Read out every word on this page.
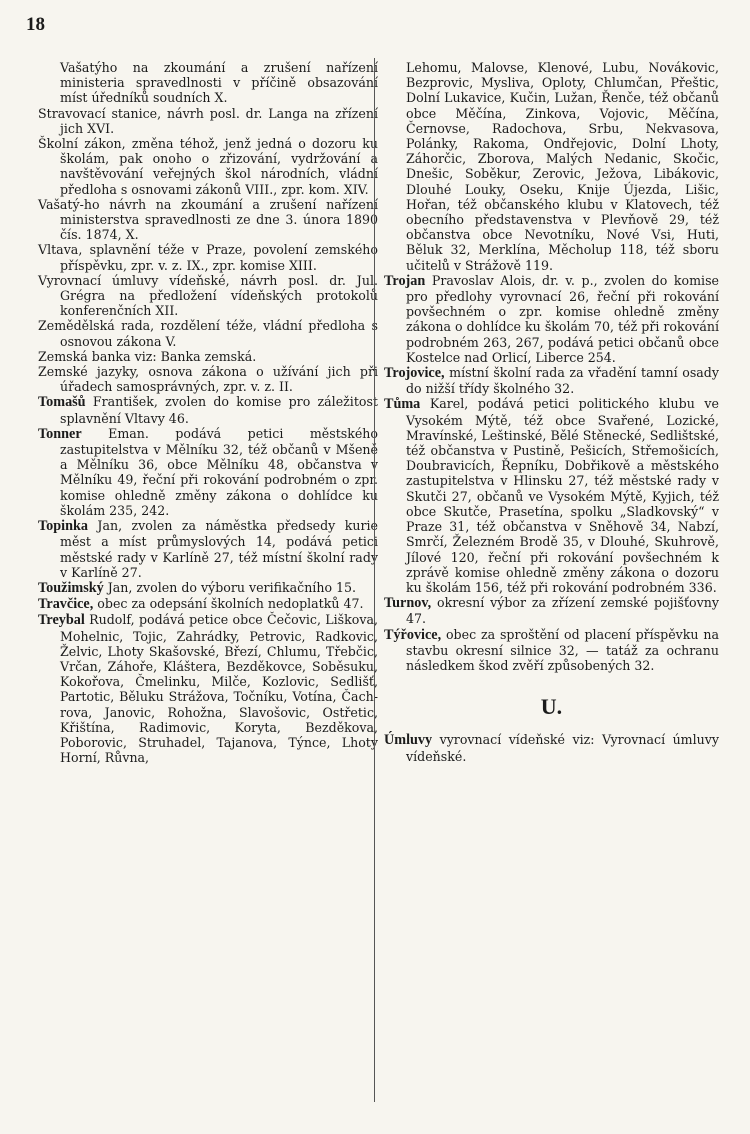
18

Vašatýho na zkoumání a zrušení nařízení ministeria spravedlnosti v příčině obsazování míst úředníků soudních X.

Stravovací stanice, návrh posl. dr. Langa na zřízení jich XVI.

Školní zákon, změna téhož, jenž jedná o dozoru ku školám, pak onoho o zřizování, vydržování a navštěvování veřejných škol národních, vládní předloha s osnovami zákonů VIII., zpr. kom. XIV.

Vašatý-ho návrh na zkoumání a zrušení nařízení ministerstva spravedlnosti ze dne 3. února 1890 čís. 1874, X.

Vltava, splavnění téže v Praze, povolení zemského příspěvku, zpr. v. z. IX., zpr. komise XIII.

Vyrovnací úmluvy vídeňské, návrh posl. dr. Jul. Grégra na předložení vídeňských protokolů konferenčních XII.

Zemědělská rada, rozdělení téže, vládní předloha s osnovou zákona V.

Zemská banka viz: Banka zemská.

Zemské jazyky, osnova zákona o užívání jich při úřadech samosprávných, zpr. v. z. II.

Tomašů František, zvolen do komise pro záležitost splavnění Vltavy 46.

Tonner Eman. podává petici městského zastupitelstva v Mělníku 32, též občanů v Mšeně a Mělníku 36, obce Mělníku 48, občanstva v Mělníku 49, řeční při rokování podrobném o zpr. komise ohledně změny zákona o dohlídce ku školám 235, 242.

Topinka Jan, zvolen za náměstka předsedy kurie měst a míst průmyslových 14, podává petici městské rady v Karlíně 27, též místní školní rady v Karlíně 27.

Toužimský Jan, zvolen do výboru verifikačního 15.

Travčice, obec za odepsání školních nedoplatků 47.

Treybal Rudolf, podává petice obce Čečovic, Liškova, Mohelnic, Tojic, Zahrádky, Petrovic, Radkovic, Želvic, Lhoty Skašovské, Březí, Chlumu, Třebčic, Vrčan, Záhoře, Kláštera, Bezděkovce, Soběsuku, Kokořova, Čmelinku, Milče, Kozlovic, Sedlišť, Partotic, Běluku Strážova, Točníku, Votína, Čachrova, Janovic, Rohožna, Slavošovic, Ostřetic, Křištína, Radimovic, Koryta, Bezděkova, Poborovic, Struhadel, Tajanova, Týnce, Lhoty Horní, Růvna,

Lehomu, Malovse, Klenové, Lubu, Novákovic, Bezprovic, Mysliva, Oploty, Chlumčan, Přeštic, Dolní Lukavice, Kučin, Lužan, Řenče, též občanů obce Měčína, Zinkova, Vojovic, Měčína, Černovse, Radochova, Srbu, Nekvasova, Polánky, Rakoma, Ondřejovic, Dolní Lhoty, Záhorčic, Zborova, Malých Nedanic, Skočic, Dnešic, Soběkur, Zerovic, Ježova, Libákovic, Dlouhé Louky, Oseku, Knije Újezda, Lišic, Hořan, též občanského klubu v Klatovech, též obecního představenstva v Plevňově 29, též občanstva obce Nevotníku, Nové Vsi, Huti, Běluk 32, Merklína, Měcholup 118, též sboru učitelů v Strážově 119.

Trojan Pravoslav Alois, dr. v. p., zvolen do komise pro předlohy vyrovnací 26, řeční při rokování povšechném o zpr. komise ohledně změny zákona o dohlídce ku školám 70, též při rokování podrobném 263, 267, podává petici občanů obce Kostelce nad Orlicí, Liberce 254.

Trojovice, místní školní rada za vřadění tamní osady do nižší třídy školného 32.

Tůma Karel, podává petici politického klubu ve Vysokém Mýtě, též obce Svařené, Lozické, Mravínské, Leštinské, Bělé Stěnecké, Sedlištské, též občanstva v Pustině, Pešicích, Střemošicích, Doubravicích, Řepníku, Dobřikově a městského zastupitelstva v Hlinsku 27, též městské rady v Skutči 27, občanů ve Vysokém Mýtě, Kyjich, též obce Skutče, Prasetína, spolku „Sladkovský“ v Praze 31, též občanstva v Sněhově 34, Nabzí, Smrčí, Železném Brodě 35, v Dlouhé, Skuhrově, Jílové 120, řeční při rokování povšechném k zprávě komise ohledně změny zákona o dozoru ku školám 156, též při rokování podrobném 336.

Turnov, okresní výbor za zřízení zemské pojišťovny 47.

Týřovice, obec za sproštění od placení příspěvku na stavbu okresní silnice 32, — tatáž za ochranu následkem škod zvěří způsobených 32.

U.

Úmluvy vyrovnací vídeňské viz: Vyrovnací úmluvy vídeňské.
